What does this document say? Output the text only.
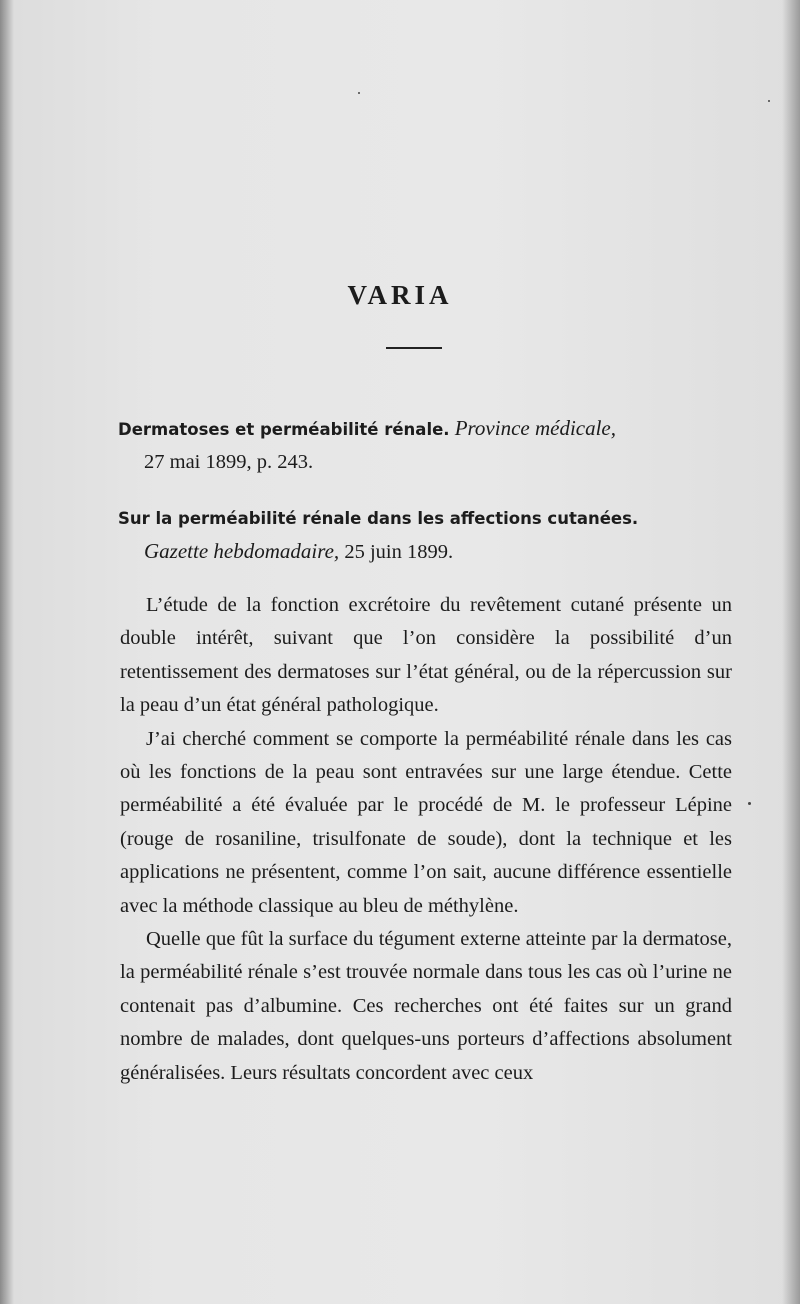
VARIA

Dermatoses et perméabilité rénale. Province médicale,
27 mai 1899, p. 243.

Sur la perméabilité rénale dans les affections cutanées.
Gazette hebdomadaire, 25 juin 1899.

L’étude de la fonction excrétoire du revêtement cutané présente un double intérêt, suivant que l’on considère la possibilité d’un retentissement des dermatoses sur l’état général, ou de la répercussion sur la peau d’un état général pathologique.

J’ai cherché comment se comporte la perméabilité rénale dans les cas où les fonctions de la peau sont entravées sur une large étendue. Cette perméabilité a été évaluée par le procédé de M. le professeur Lépine (rouge de rosaniline, trisulfonate de soude), dont la technique et les applications ne présentent, comme l’on sait, aucune différence essentielle avec la méthode classique au bleu de méthylène.

Quelle que fût la surface du tégument externe atteinte par la dermatose, la perméabilité rénale s’est trouvée normale dans tous les cas où l’urine ne contenait pas d’albumine. Ces recherches ont été faites sur un grand nombre de malades, dont quelques-uns porteurs d’affections absolument généralisées. Leurs résultats concordent avec ceux
